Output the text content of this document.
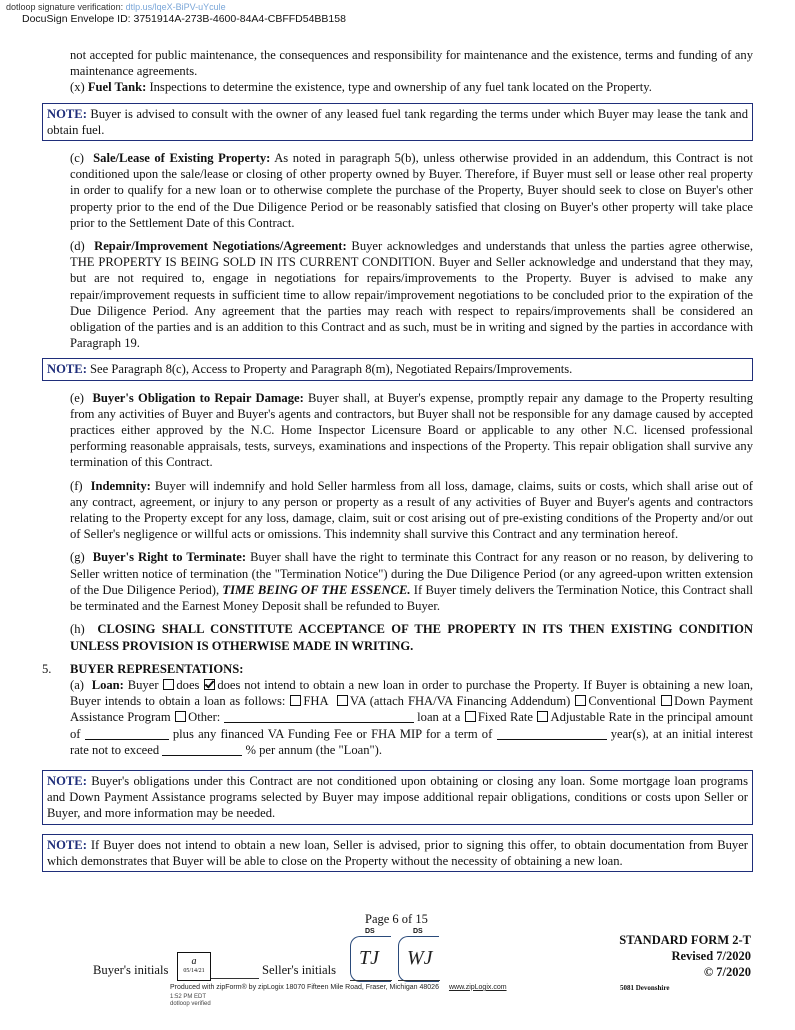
dotloop signature verification: dtlp.us/lqeX-BiPV-uYcule
DocuSign Envelope ID: 3751914A-273B-4600-84A4-CBFFD54BB158
not accepted for public maintenance, the consequences and responsibility for maintenance and the existence, terms and funding of any maintenance agreements.
(x) Fuel Tank: Inspections to determine the existence, type and ownership of any fuel tank located on the Property.
NOTE: Buyer is advised to consult with the owner of any leased fuel tank regarding the terms under which Buyer may lease the tank and obtain fuel.
(c) Sale/Lease of Existing Property: As noted in paragraph 5(b), unless otherwise provided in an addendum, this Contract is not conditioned upon the sale/lease or closing of other property owned by Buyer. Therefore, if Buyer must sell or lease other real property in order to qualify for a new loan or to otherwise complete the purchase of the Property, Buyer should seek to close on Buyer's other property prior to the end of the Due Diligence Period or be reasonably satisfied that closing on Buyer's other property will take place prior to the Settlement Date of this Contract.
(d) Repair/Improvement Negotiations/Agreement: Buyer acknowledges and understands that unless the parties agree otherwise, THE PROPERTY IS BEING SOLD IN ITS CURRENT CONDITION. Buyer and Seller acknowledge and understand that they may, but are not required to, engage in negotiations for repairs/improvements to the Property. Buyer is advised to make any repair/improvement requests in sufficient time to allow repair/improvement negotiations to be concluded prior to the expiration of the Due Diligence Period. Any agreement that the parties may reach with respect to repairs/improvements shall be considered an obligation of the parties and is an addition to this Contract and as such, must be in writing and signed by the parties in accordance with Paragraph 19.
NOTE: See Paragraph 8(c), Access to Property and Paragraph 8(m), Negotiated Repairs/Improvements.
(e) Buyer's Obligation to Repair Damage: Buyer shall, at Buyer's expense, promptly repair any damage to the Property resulting from any activities of Buyer and Buyer's agents and contractors, but Buyer shall not be responsible for any damage caused by accepted practices either approved by the N.C. Home Inspector Licensure Board or applicable to any other N.C. licensed professional performing reasonable appraisals, tests, surveys, examinations and inspections of the Property. This repair obligation shall survive any termination of this Contract.
(f) Indemnity: Buyer will indemnify and hold Seller harmless from all loss, damage, claims, suits or costs, which shall arise out of any contract, agreement, or injury to any person or property as a result of any activities of Buyer and Buyer's agents and contractors relating to the Property except for any loss, damage, claim, suit or cost arising out of pre-existing conditions of the Property and/or out of Seller's negligence or willful acts or omissions. This indemnity shall survive this Contract and any termination hereof.
(g) Buyer's Right to Terminate: Buyer shall have the right to terminate this Contract for any reason or no reason, by delivering to Seller written notice of termination (the "Termination Notice") during the Due Diligence Period (or any agreed-upon written extension of the Due Diligence Period), TIME BEING OF THE ESSENCE. If Buyer timely delivers the Termination Notice, this Contract shall be terminated and the Earnest Money Deposit shall be refunded to Buyer.
(h) CLOSING SHALL CONSTITUTE ACCEPTANCE OF THE PROPERTY IN ITS THEN EXISTING CONDITION UNLESS PROVISION IS OTHERWISE MADE IN WRITING.
5. BUYER REPRESENTATIONS:
(a) Loan: Buyer does does not intend to obtain a new loan in order to purchase the Property. If Buyer is obtaining a new loan, Buyer intends to obtain a loan as follows: FHA VA (attach FHA/VA Financing Addendum) Conventional Down Payment Assistance Program Other:	loan at a Fixed Rate Adjustable Rate in the principal amount of	plus any financed VA Funding Fee or FHA MIP for a term of	year(s), at an initial interest rate not to exceed	% per annum (the "Loan").
NOTE: Buyer's obligations under this Contract are not conditioned upon obtaining or closing any loan. Some mortgage loan programs and Down Payment Assistance programs selected by Buyer may impose additional repair obligations, conditions or costs upon Seller or Buyer, and more information may be needed.
NOTE: If Buyer does not intend to obtain a new loan, Seller is advised, prior to signing this offer, to obtain documentation from Buyer which demonstrates that Buyer will be able to close on the Property without the necessity of obtaining a new loan.
Page 6 of 15
STANDARD FORM 2-T
Revised 7/2020
© 7/2020
Buyer's initials
a
05/14/21	Seller's initials
DS
TJ
DS
WJ
Produced with zipForm® by zipLogix 18070 Fifteen Mile Road, Fraser, Michigan 48026 www.zipLogix.com
1:52 PM EDT
dotloop verified
5081 Devonshire
